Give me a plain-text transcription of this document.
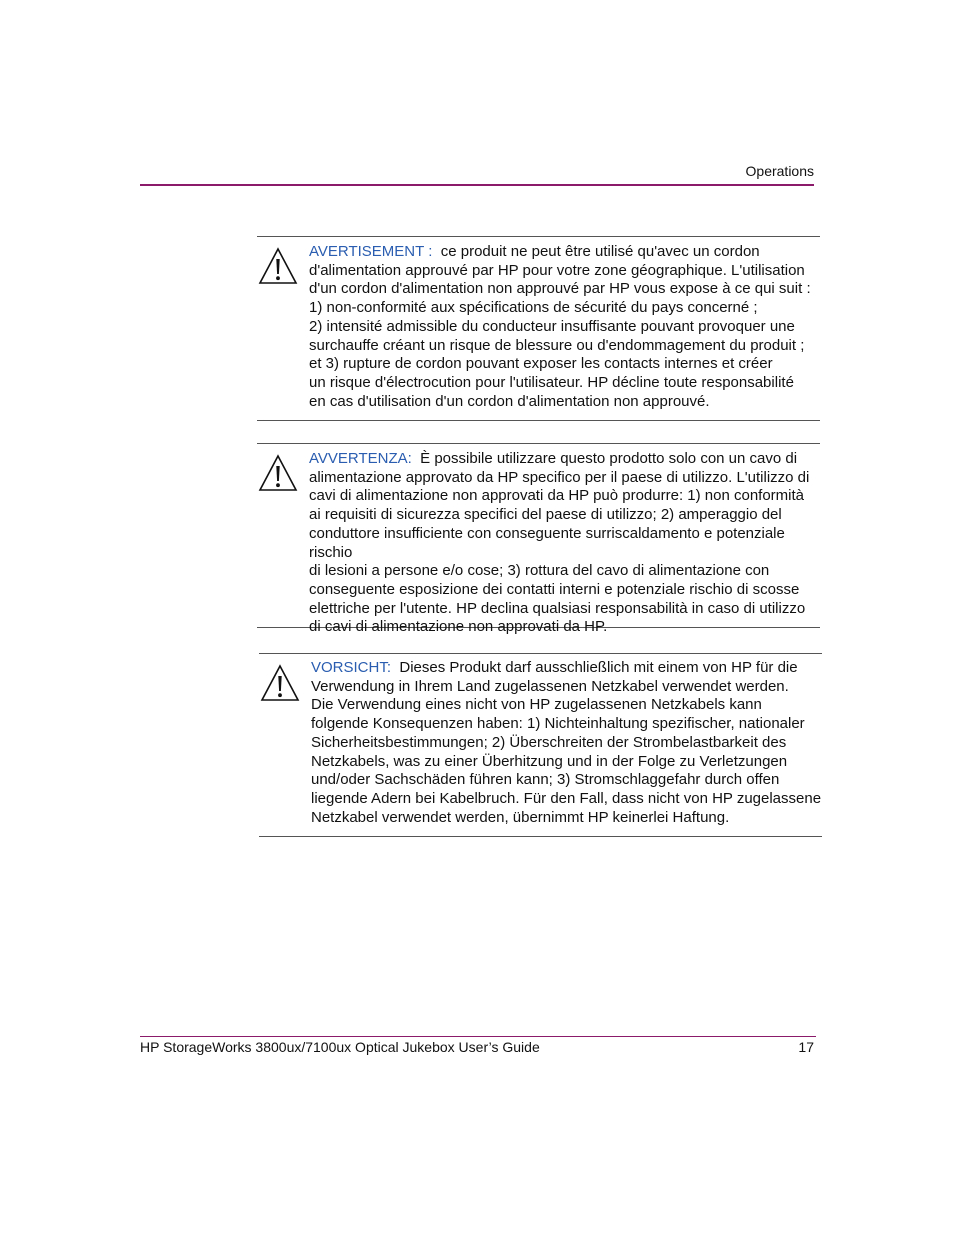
Operations

AVERTISEMENT : ce produit ne peut être utilisé qu'avec un cordon

d'alimentation approuvé par HP pour votre zone géographique. L'utilisation

d'un cordon d'alimentation non approuvé par HP vous expose à ce qui suit :

1) non-conformité aux spécifications de sécurité du pays concerné ;

2) intensité admissible du conducteur insuffisante pouvant provoquer une

surchauffe créant un risque de blessure ou d'endommagement du produit ;

et 3) rupture de cordon pouvant exposer les contacts internes et créer

un risque d'électrocution pour l'utilisateur. HP décline toute responsabilité

en cas d'utilisation d'un cordon d'alimentation non approuvé.

AVVERTENZA: È possibile utilizzare questo prodotto solo con un cavo di

alimentazione approvato da HP specifico per il paese di utilizzo. L'utilizzo di

cavi di alimentazione non approvati da HP può produrre: 1) non conformità

ai requisiti di sicurezza specifici del paese di utilizzo; 2) amperaggio del

conduttore insufficiente con conseguente surriscaldamento e potenziale rischio

di lesioni a persone e/o cose; 3) rottura del cavo di alimentazione con

conseguente esposizione dei contatti interni e potenziale rischio di scosse

elettriche per l'utente. HP declina qualsiasi responsabilità in caso di utilizzo

di cavi di alimentazione non approvati da HP.

VORSICHT: Dieses Produkt darf ausschließlich mit einem von HP für die

Verwendung in Ihrem Land zugelassenen Netzkabel verwendet werden.

Die Verwendung eines nicht von HP zugelassenen Netzkabels kann

folgende Konsequenzen haben: 1) Nichteinhaltung spezifischer, nationaler

Sicherheitsbestimmungen; 2) Überschreiten der Strombelastbarkeit des

Netzkabels, was zu einer Überhitzung und in der Folge zu Verletzungen

und/oder Sachschäden führen kann; 3) Stromschlaggefahr durch offen

liegende Adern bei Kabelbruch. Für den Fall, dass nicht von HP zugelassene

Netzkabel verwendet werden, übernimmt HP keinerlei Haftung.

HP StorageWorks 3800ux/7100ux Optical Jukebox User’s Guide	17
